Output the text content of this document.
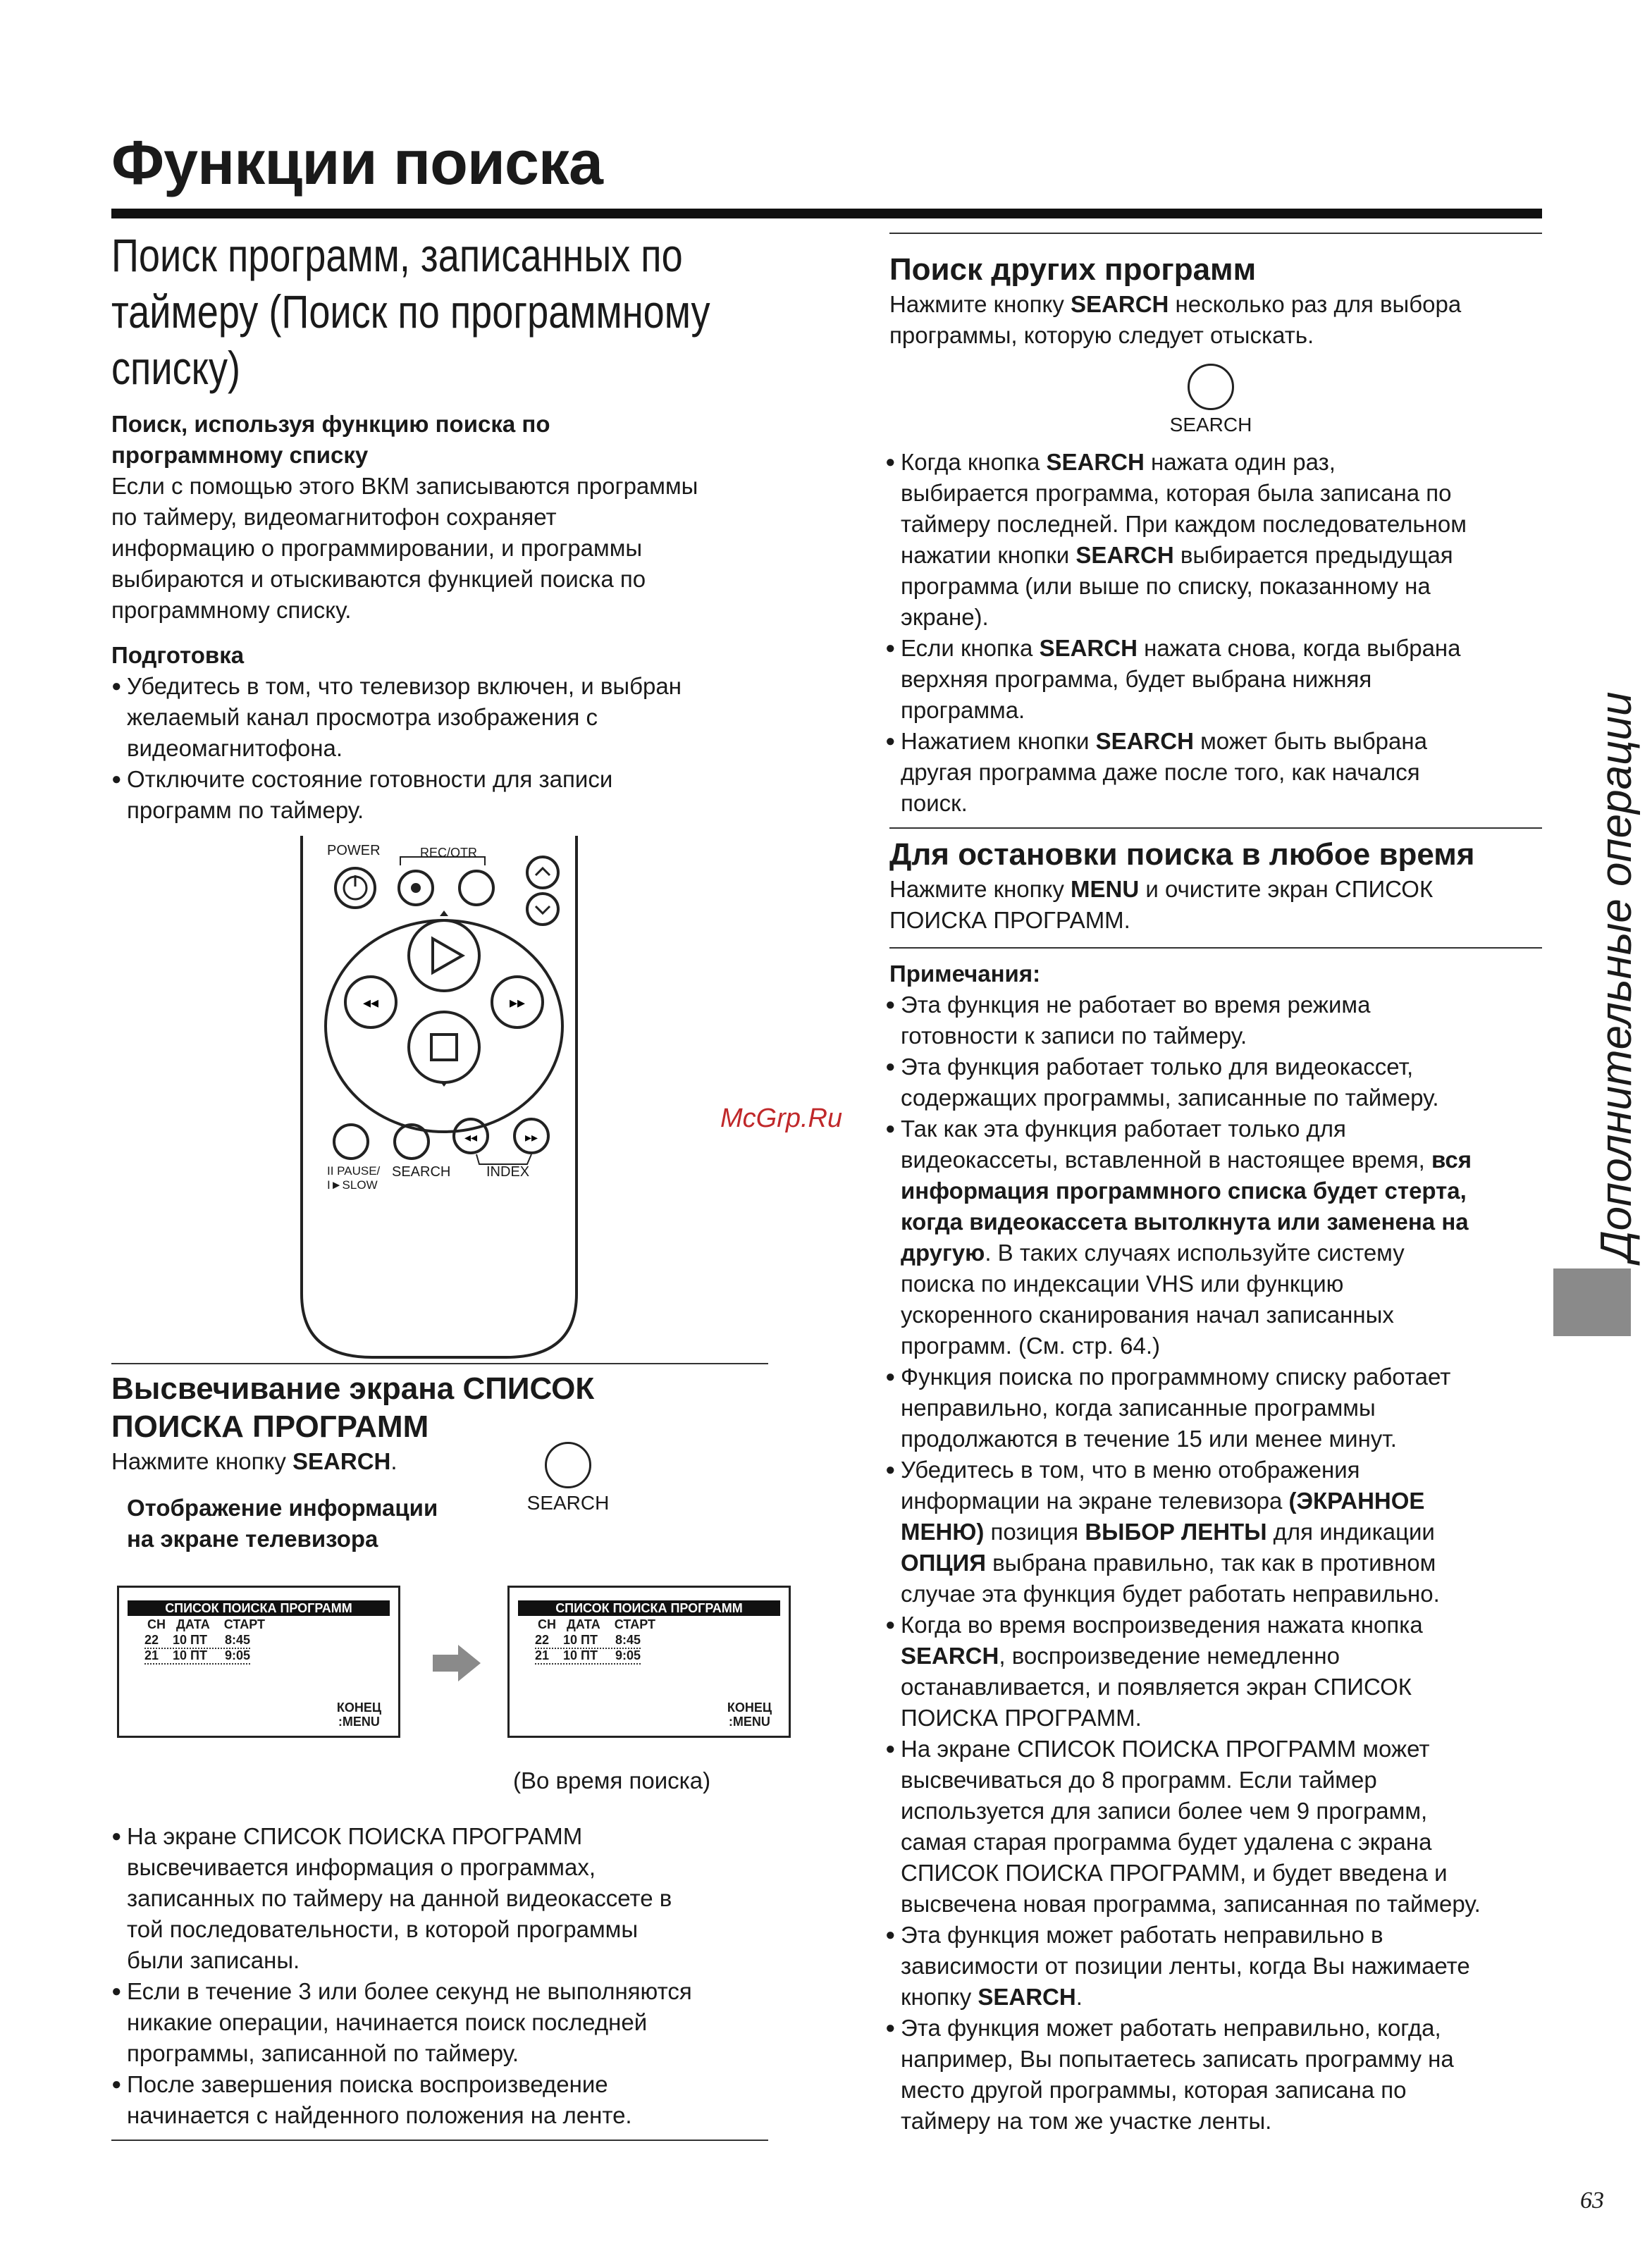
Функции поиска
Поиск программ, записанных по
таймеру (Поиск по программному
списку)

Поиск, используя функцию поиска по

программному списку

Если с помощью этого ВКМ записываются программы

по таймеру, видеомагнитофон сохраняет

информацию о программировании, и программы

выбираются и отыскиваются функцией поиска по

программному списку.

Подготовка

● Убедитесь в том, что телевизор включен, и выбран
желаемый канал просмотра изображения с
видеомагнитофона.
● Отключите состояние готовности для записи
программ по таймеру.
◂◂	▸▸
◂◂	▸▸
POWER	REC/OTR
II PAUSE/
I►SLOW
SEARCH	INDEX

Высвечивание экрана СПИСОК

ПОИСКА ПРОГРАММ

Нажмите кнопку SEARCH.

Отображение информации

на экране телевизора

SEARCH
СПИСОК ПОИСКА ПРОГРАММ
СН   ДАТА    СТАРТ
22    10 ПТ     8:45
21    10 ПТ     9:05
КОНЕЦ
:MENU
СПИСОК ПОИСКА ПРОГРАММ
СН   ДАТА    СТАРТ
22    10 ПТ     8:45
21    10 ПТ     9:05
КОНЕЦ
:MENU
(Во время поиска)
● На экране СПИСОК ПОИСКА ПРОГРАММ
высвечивается информация о программах,
записанных по таймеру на данной видеокассете в
той последовательности, в которой программы
были записаны.
● Если в течение 3 или более секунд не выполняются
никакие операции, начинается поиск последней
программы, записанной по таймеру.
● После завершения поиска воспроизведение
начинается с найденного положения на ленте.

Поиск других программ

Нажмите кнопку SEARCH несколько раз для выбора

программы, которую следует отыскать.

SEARCH
● Когда кнопка SEARCH нажата один раз,
выбирается программа, которая была записана по
таймеру последней. При каждом последовательном
нажатии кнопки SEARCH выбирается предыдущая
программа (или выше по списку, показанному на
экране).
● Если кнопка SEARCH нажата снова, когда выбрана
верхняя программа, будет выбрана нижняя
программа.
● Нажатием кнопки SEARCH может быть выбрана
другая программа даже после того, как начался
поиск.

Для остановки поиска в любое время

Нажмите кнопку MENU и очистите экран СПИСОК

ПОИСКА ПРОГРАММ.

Примечания:

● Эта функция не работает во время режима
готовности к записи по таймеру.
● Эта функция работает только для видеокассет,
содержащих программы, записанные по таймеру.
● Так как эта функция работает только для
видеокассеты, вставленной в настоящее время, вся
информация программного списка будет стерта,
когда видеокассета вытолкнута или заменена на
другую. В таких случаях используйте систему
поиска по индексации VHS или функцию
ускоренного сканирования начал записанных
программ. (См. стр. 64.)
● Функция поиска по программному списку работает
неправильно, когда записанные программы
продолжаются в течение 15 или менее минут.
● Убедитесь в том, что в меню отображения
информации на экране телевизора (ЭКРАННОЕ
МЕНЮ) позиция ВЫБОР ЛЕНТЫ для индикации
ОПЦИЯ выбрана правильно, так как в противном
случае эта функция будет работать неправильно.
● Когда во время воспроизведения нажата кнопка
SEARCH, воспроизведение немедленно
останавливается, и появляется экран СПИСОК
ПОИСКА ПРОГРАММ.
● На экране СПИСОК ПОИСКА ПРОГРАММ может
высвечиваться до 8 программ. Если таймер
используется для записи более чем 9 программ,
самая старая программа будет удалена с экрана
СПИСОК ПОИСКА ПРОГРАММ, и будет введена и
высвечена новая программа, записанная по таймеру.
● Эта функция может работать неправильно в
зависимости от позиции ленты, когда Вы нажимаете
кнопку SEARCH.
● Эта функция может работать неправильно, когда,
например, Вы попытаетесь записать программу на
место другой программы, которая записана по
таймеру на том же участке ленты.
Дополнительные операции
McGrp.Ru
63
